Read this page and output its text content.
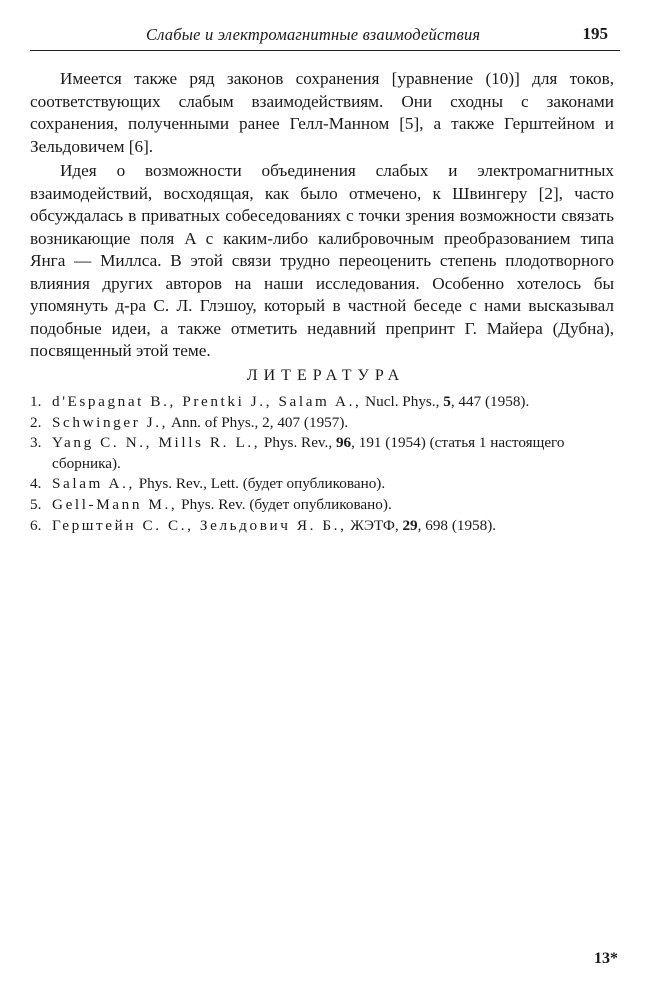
Слабые и электромагнитные взаимодействия	195

Имеется также ряд законов сохранения [уравнение (10)] для токов, соответствующих слабым взаимодействиям. Они сходны с законами сохранения, полученными ранее Гелл-Манном [5], а также Герштейном и Зельдовичем [6].

Идея о возможности объединения слабых и электромагнитных взаимодействий, восходящая, как было отмечено, к Швингеру [2], часто обсуждалась в приватных собеседованиях с точки зрения возможности связать возникающие поля A с каким-либо калибровочным преобразованием типа Янга — Миллса. В этой связи трудно переоценить степень плодотворного влияния других авторов на наши исследования. Особенно хотелось бы упомянуть д-ра С. Л. Глэшоу, который в частной беседе с нами высказывал подобные идеи, а также отметить недавний препринт Г. Майера (Дубна), посвященный этой теме.

ЛИТЕРАТУРА
1. d'Espagnat B., Prentki J., Salam A., Nucl. Phys., 5, 447 (1958).
2. Schwinger J., Ann. of Phys., 2, 407 (1957).
3. Yang C. N., Mills R. L., Phys. Rev., 96, 191 (1954) (статья 1 настоящего сборника).
4. Salam A., Phys. Rev., Lett. (будет опубликовано).
5. Gell-Mann M., Phys. Rev. (будет опубликовано).
6. Герштейн С. С., Зельдович Я. Б., ЖЭТФ, 29, 698 (1958).
13*
